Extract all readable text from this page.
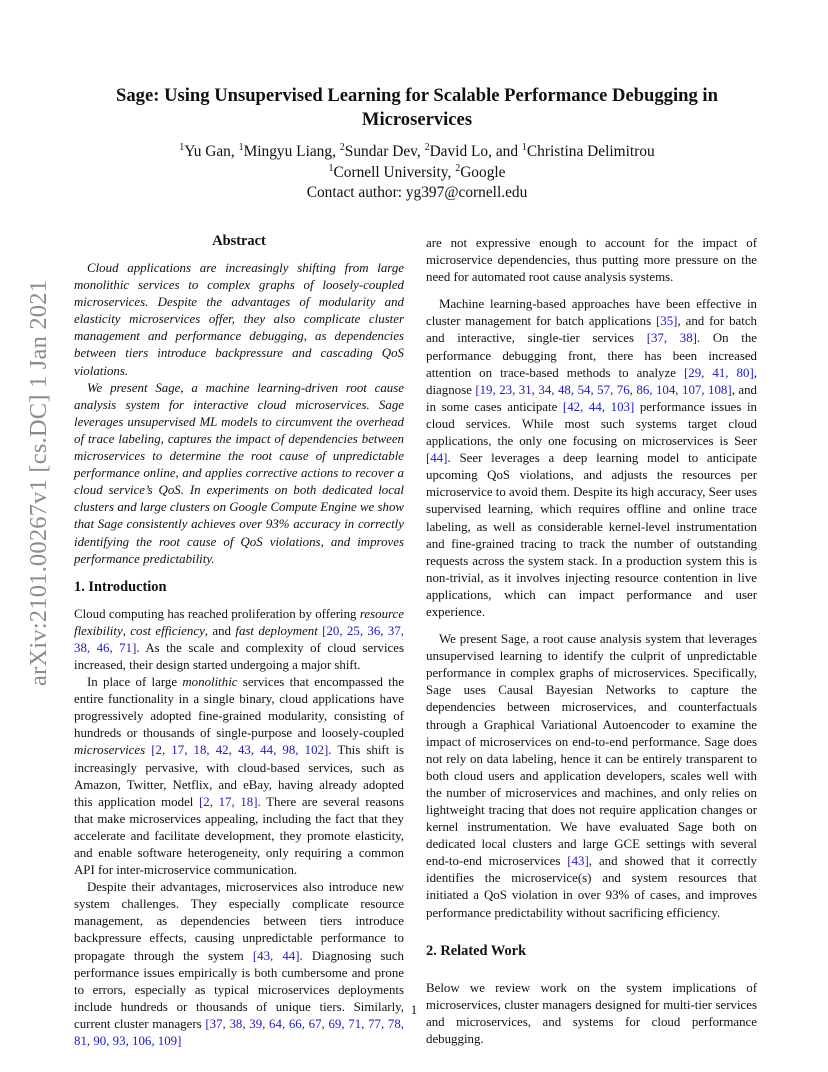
arXiv:2101.00267v1 [cs.DC] 1 Jan 2021
Sage: Using Unsupervised Learning for Scalable Performance Debugging in
Microservices
$^1$Yu Gan, $^1$Mingyu Liang, $^2$Sundar Dev, $^2$David Lo, and $^1$Christina Delimitrou
$^1$Cornell University, $^2$Google
Contact author: yg397@cornell.edu
Abstract

Cloud applications are increasingly shifting from large monolithic services to complex graphs of loosely-coupled microservices. Despite the advantages of modularity and elasticity microservices offer, they also complicate cluster management and performance debugging, as dependencies between tiers introduce backpressure and cascading QoS violations.

We present Sage, a machine learning-driven root cause analysis system for interactive cloud microservices. Sage leverages unsupervised ML models to circumvent the overhead of trace labeling, captures the impact of dependencies between microservices to determine the root cause of unpredictable performance online, and applies corrective actions to recover a cloud service’s QoS. In experiments on both dedicated local clusters and large clusters on Google Compute Engine we show that Sage consistently achieves over 93% accuracy in correctly identifying the root cause of QoS violations, and improves performance predictability.

1. Introduction

Cloud computing has reached proliferation by offering resource flexibility, cost efficiency, and fast deployment [20, 25, 36, 37, 38, 46, 71]. As the scale and complexity of cloud services increased, their design started undergoing a major shift.

In place of large monolithic services that encompassed the entire functionality in a single binary, cloud applications have progressively adopted fine-grained modularity, consisting of hundreds or thousands of single-purpose and loosely-coupled microservices [2, 17, 18, 42, 43, 44, 98, 102]. This shift is increasingly pervasive, with cloud-based services, such as Amazon, Twitter, Netflix, and eBay, having already adopted this application model [2, 17, 18]. There are several reasons that make microservices appealing, including the fact that they accelerate and facilitate development, they promote elasticity, and enable software heterogeneity, only requiring a common API for inter-microservice communication.

Despite their advantages, microservices also introduce new system challenges. They especially complicate resource management, as dependencies between tiers introduce backpressure effects, causing unpredictable performance to propagate through the system [43, 44]. Diagnosing such performance issues empirically is both cumbersome and prone to errors, especially as typical microservices deployments include hundreds or thousands of unique tiers. Similarly, current cluster managers [37, 38, 39, 64, 66, 67, 69, 71, 77, 78, 81, 90, 93, 106, 109]

are not expressive enough to account for the impact of microservice dependencies, thus putting more pressure on the need for automated root cause analysis systems.

Machine learning-based approaches have been effective in cluster management for batch applications [35], and for batch and interactive, single-tier services [37, 38]. On the performance debugging front, there has been increased attention on trace-based methods to analyze [29, 41, 80], diagnose [19, 23, 31, 34, 48, 54, 57, 76, 86, 104, 107, 108], and in some cases anticipate [42, 44, 103] performance issues in cloud services. While most such systems target cloud applications, the only one focusing on microservices is Seer [44]. Seer leverages a deep learning model to anticipate upcoming QoS violations, and adjusts the resources per microservice to avoid them. Despite its high accuracy, Seer uses supervised learning, which requires offline and online trace labeling, as well as considerable kernel-level instrumentation and fine-grained tracing to track the number of outstanding requests across the system stack. In a production system this is non-trivial, as it involves injecting resource contention in live applications, which can impact performance and user experience.

We present Sage, a root cause analysis system that leverages unsupervised learning to identify the culprit of unpredictable performance in complex graphs of microservices. Specifically, Sage uses Causal Bayesian Networks to capture the dependencies between microservices, and counterfactuals through a Graphical Variational Autoencoder to examine the impact of microservices on end-to-end performance. Sage does not rely on data labeling, hence it can be entirely transparent to both cloud users and application developers, scales well with the number of microservices and machines, and only relies on lightweight tracing that does not require application changes or kernel instrumentation. We have evaluated Sage both on dedicated local clusters and large GCE settings with several end-to-end microservices [43], and showed that it correctly identifies the microservice(s) and system resources that initiated a QoS violation in over 93% of cases, and improves performance predictability without sacrificing efficiency.

2. Related Work

Below we review work on the system implications of microservices, cluster managers designed for multi-tier services and microservices, and systems for cloud performance debugging.

1
